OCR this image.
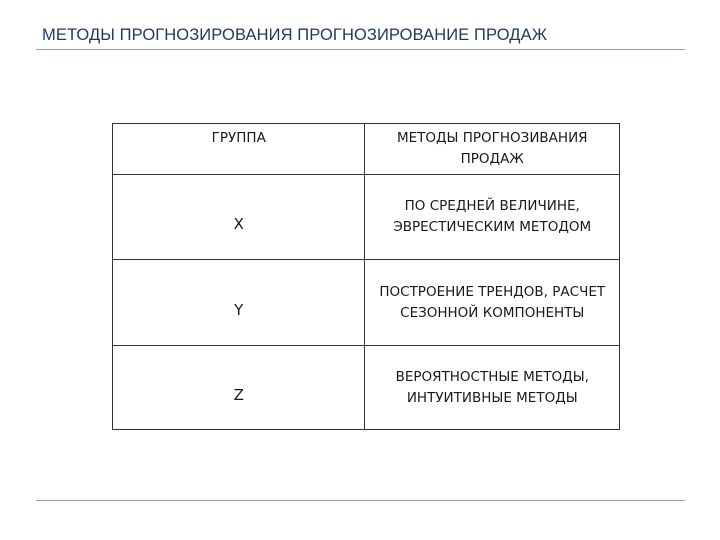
МЕТОДЫ ПРОГНОЗИРОВАНИЯ ПРОГНОЗИРОВАНИЕ ПРОДАЖ
ГРУППА	МЕТОДЫ ПРОГНОЗИВАНИЯ ПРОДАЖ
X	ПО СРЕДНЕЙ ВЕЛИЧИНЕ, ЭВРЕСТИЧЕСКИМ МЕТОДОМ
Y	ПОСТРОЕНИЕ ТРЕНДОВ, РАСЧЕТ СЕЗОННОЙ КОМПОНЕНТЫ
Z	ВЕРОЯТНОСТНЫЕ МЕТОДЫ, ИНТУИТИВНЫЕ МЕТОДЫ
